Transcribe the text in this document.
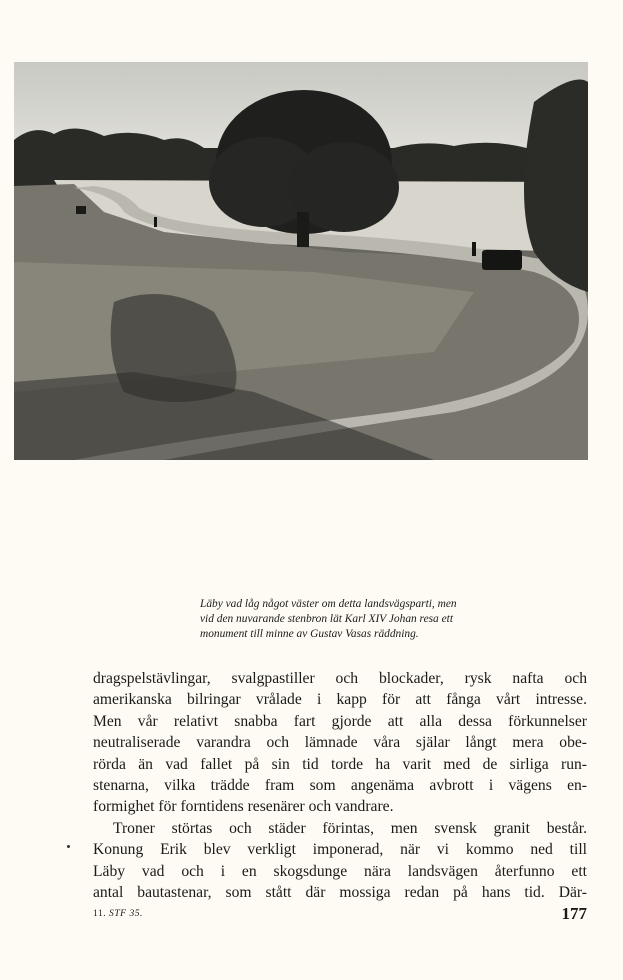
Läby vad låg något väster om detta landsvägsparti, men
vid den nuvarande stenbron lät Karl XIV Johan resa ett
monument till minne av Gustav Vasas räddning.
dragspelstävlingar, svalgpastiller och blockader, rysk nafta och
amerikanska bilringar vrålade i kapp för att fånga vårt intresse.
Men vår relativt snabba fart gjorde att alla dessa förkunnelser
neutraliserade varandra och lämnade våra själar långt mera obe-
rörda än vad fallet på sin tid torde ha varit med de sirliga run-
stenarna, vilka trädde fram som angenäma avbrott i vägens en-
formighet för forntidens resenärer och vandrare.
Troner störtas och städer förintas, men svensk granit består.
Konung Erik blev verkligt imponerad, när vi kommo ned till
Läby vad och i en skogsdunge nära landsvägen återfunno ett
antal bautastenar, som stått där mossiga redan på hans tid. Där-
11. STF 35.	177
